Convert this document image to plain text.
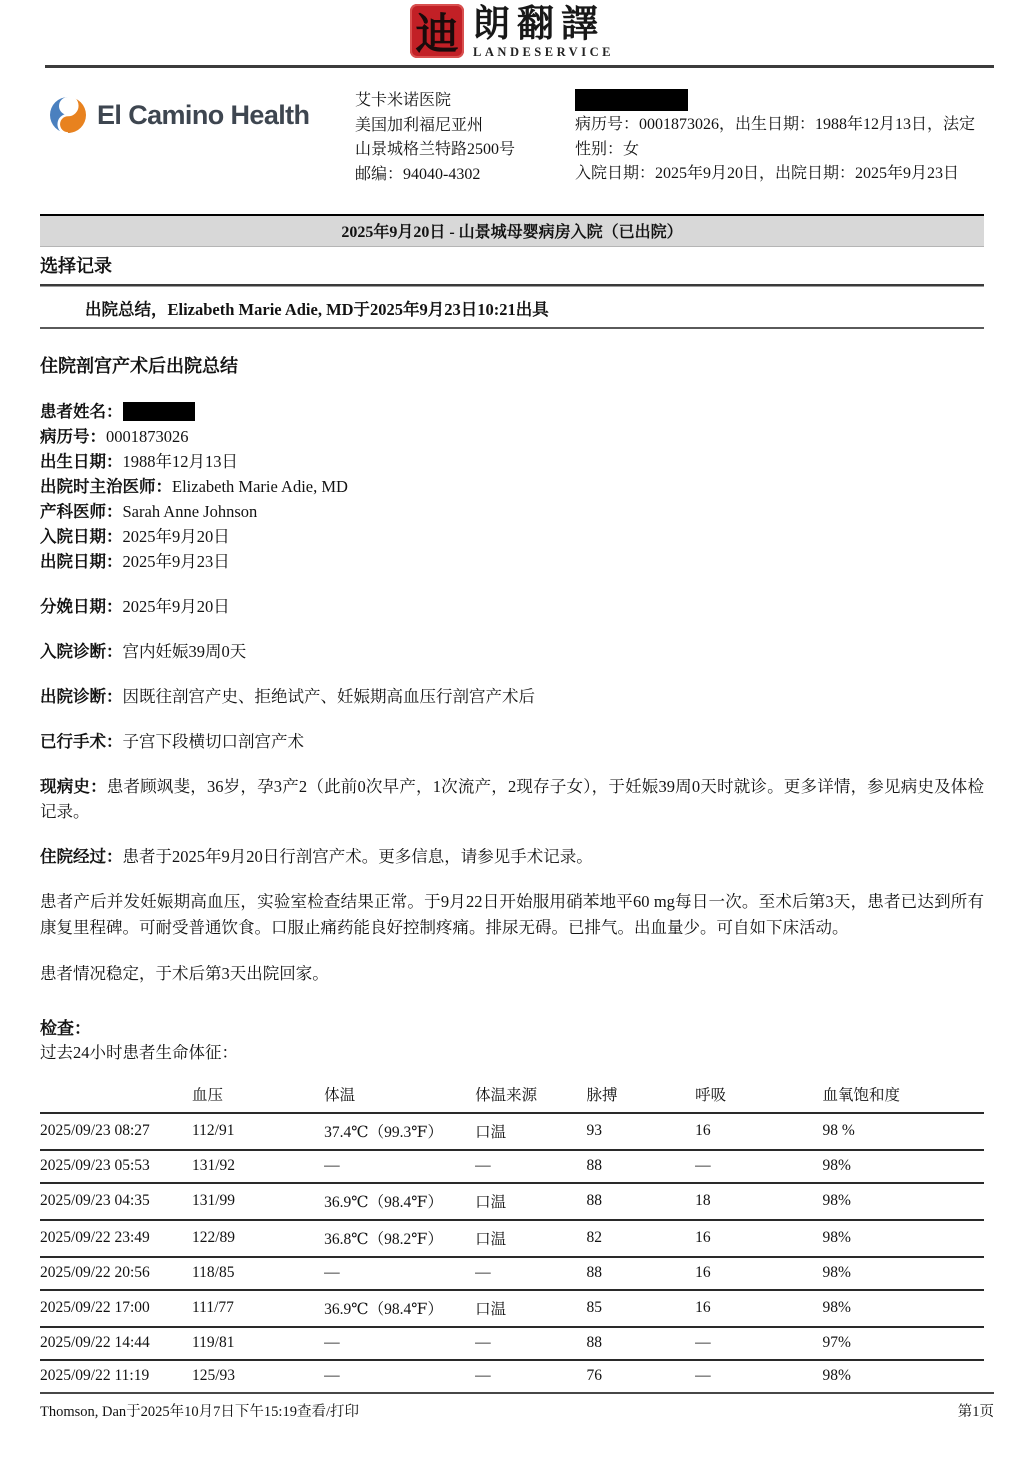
迪 朗翻譯
LANDESERVICE
El Camino Health	艾卡米诺医院
美国加利福尼亚州
山景城格兰特路2500号
邮编：94040-4302
病历号：0001873026，出生日期：1988年12月13日，法定性别：女
入院日期：2025年9月20日，出院日期：2025年9月23日
2025年9月20日 - 山景城母婴病房入院（已出院）
选择记录
出院总结，Elizabeth Marie Adie, MD于2025年9月23日10:21出具
住院剖宫产术后出院总结
患者姓名：
病历号：0001873026
出生日期：1988年12月13日
出院时主治医师：Elizabeth Marie Adie, MD
产科医师：Sarah Anne Johnson
入院日期：2025年9月20日
出院日期：2025年9月23日
分娩日期：2025年9月20日
入院诊断：宫内妊娠39周0天
出院诊断：因既往剖宫产史、拒绝试产、妊娠期高血压行剖宫产术后
已行手术：子宫下段横切口剖宫产术
现病史：患者顾飒斐，36岁，孕3产2（此前0次早产，1次流产，2现存子女），于妊娠39周0天时就诊。更多详情，参见病史及体检记录。
住院经过：患者于2025年9月20日行剖宫产术。更多信息，请参见手术记录。
患者产后并发妊娠期高血压，实验室检查结果正常。于9月22日开始服用硝苯地平60 mg每日一次。至术后第3天，患者已达到所有康复里程碑。可耐受普通饮食。口服止痛药能良好控制疼痛。排尿无碍。已排气。出血量少。可自如下床活动。
患者情况稳定，于术后第3天出院回家。
检查：
过去24小时患者生命体征：
	血压	体温	体温来源	脉搏	呼吸	血氧饱和度
2025/09/23 08:27	112/91	37.4℃（99.3℉）	口温	93	16	98 %
2025/09/23 05:53	131/92	—	—	88	—	98%
2025/09/23 04:35	131/99	36.9℃（98.4℉）	口温	88	18	98%
2025/09/22 23:49	122/89	36.8℃（98.2℉）	口温	82	16	98%
2025/09/22 20:56	118/85	—	—	88	16	98%
2025/09/22 17:00	111/77	36.9℃（98.4℉）	口温	85	16	98%
2025/09/22 14:44	119/81	—	—	88	—	97%
2025/09/22 11:19	125/93	—	—	76	—	98%
Thomson, Dan于2025年10月7日下午15:19查看/打印	第1页
